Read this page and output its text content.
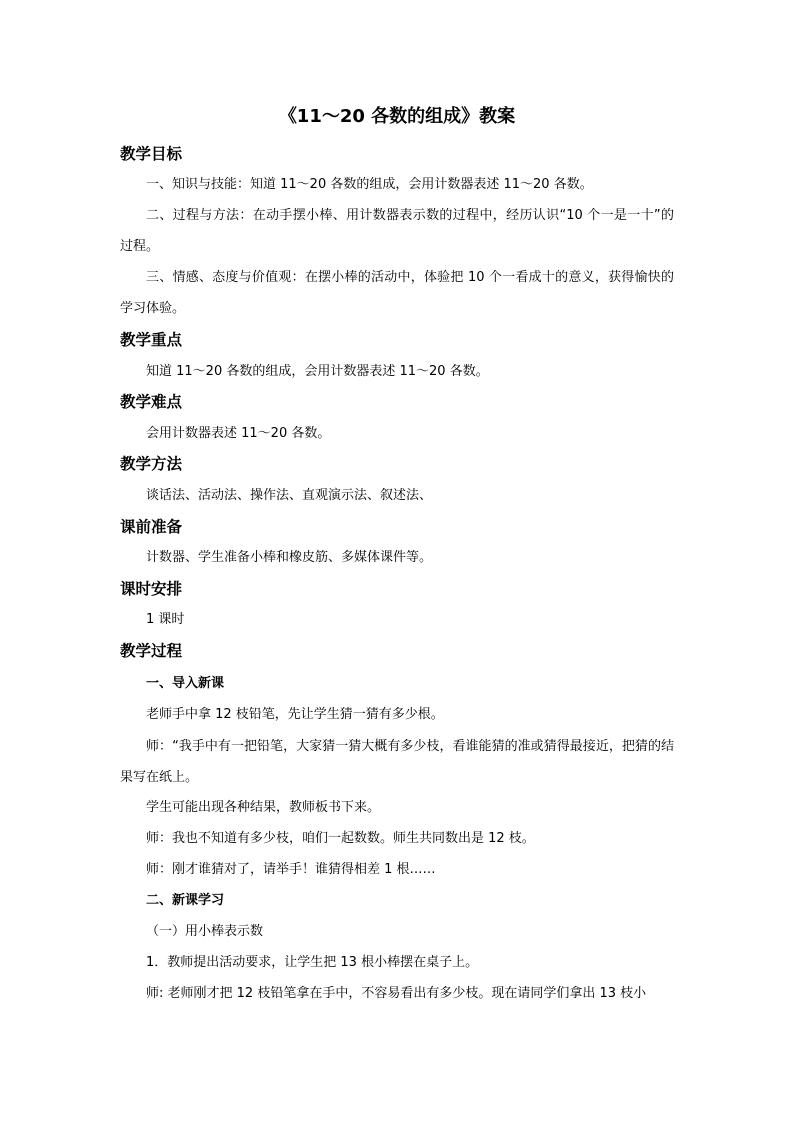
《11～20 各数的组成》教案
教学目标
一、知识与技能：知道 11～20 各数的组成，会用计数器表述 11～20 各数。
二、过程与方法：在动手摆小棒、用计数器表示数的过程中，经历认识“10 个一是一十”的过程。
三、情感、态度与价值观：在摆小棒的活动中，体验把 10 个一看成十的意义，获得愉快的学习体验。
教学重点
知道 11～20 各数的组成，会用计数器表述 11～20 各数。
教学难点
会用计数器表述 11～20 各数。
教学方法
谈话法、活动法、操作法、直观演示法、叙述法、
课前准备
计数器、学生准备小棒和橡皮筋、多媒体课件等。
课时安排
1 课时
教学过程
一、导入新课
老师手中拿 12 枝铅笔，先让学生猜一猜有多少根。
师：“我手中有一把铅笔，大家猜一猜大概有多少枝，看谁能猜的准或猜得最接近，把猜的结果写在纸上。
学生可能出现各种结果，教师板书下来。
师：我也不知道有多少枝，咱们一起数数。师生共同数出是 12 枝。
师：刚才谁猜对了，请举手！谁猜得相差 1 根……
二、新课学习
（一）用小棒表示数
1．教师提出活动要求，让学生把 13 根小棒摆在桌子上。
师: 老师刚才把 12 枝铅笔拿在手中，不容易看出有多少枝。现在请同学们拿出 13 枝小
